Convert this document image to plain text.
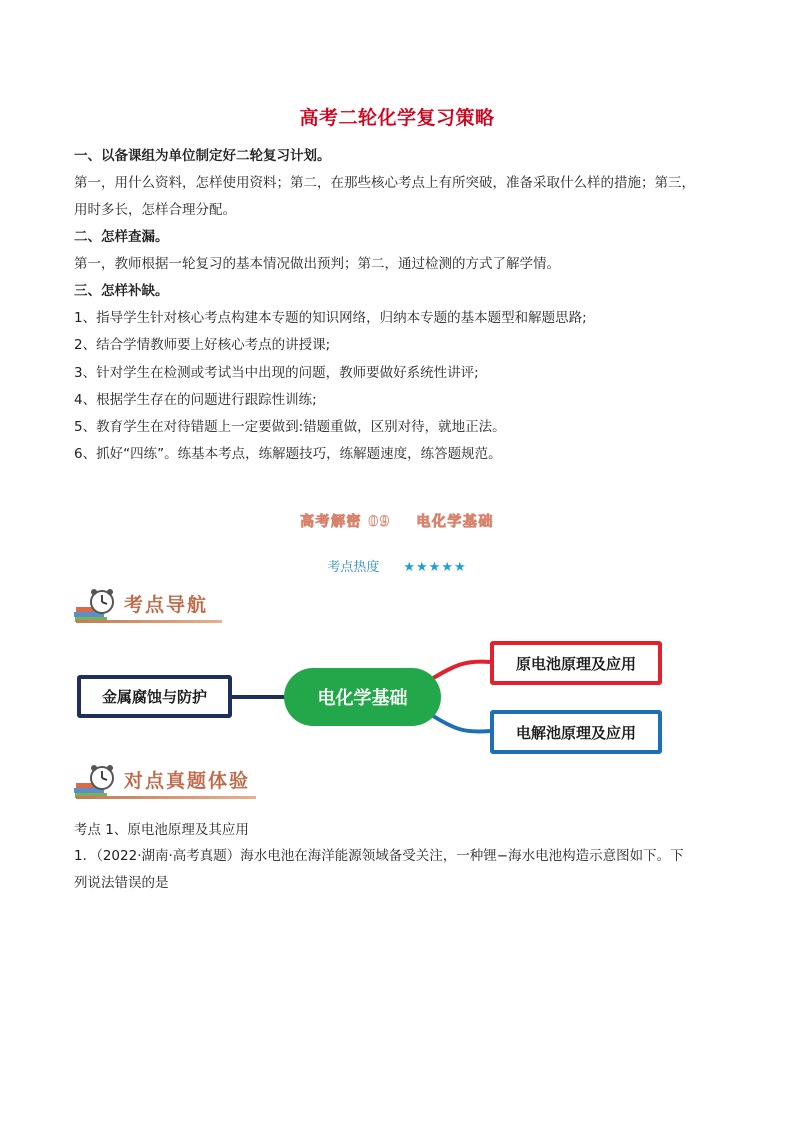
高考二轮化学复习策略
一、以备课组为单位制定好二轮复习计划。
第一，用什么资料，怎样使用资料；第二，在那些核心考点上有所突破，准备采取什么样的措施；第三，
用时多长，怎样合理分配。
二、怎样查漏。
第一，教师根据一轮复习的基本情况做出预判；第二，通过检测的方式了解学情。
三、怎样补缺。
1、指导学生针对核心考点构建本专题的知识网络，归纳本专题的基本题型和解题思路;
2、结合学情教师要上好核心考点的讲授课;
3、针对学生在检测或考试当中出现的问题，教师要做好系统性讲评;
4、根据学生存在的问题进行跟踪性训练;
5、教育学生在对待错题上一定要做到:错题重做，区别对待，就地正法。
6、抓好“四练”。练基本考点，练解题技巧，练解题速度，练答题规范。
高考解密 09    电化学基础
考点热度 ★★★★★
考点导航
金属腐蚀与防护	电化学基础
原电池原理及应用
电解池原理及应用
对点真题体验
考点 1、原电池原理及其应用
1．（2022·湖南·高考真题）海水电池在海洋能源领域备受关注，一种锂−海水电池构造示意图如下。下
列说法错误的是
